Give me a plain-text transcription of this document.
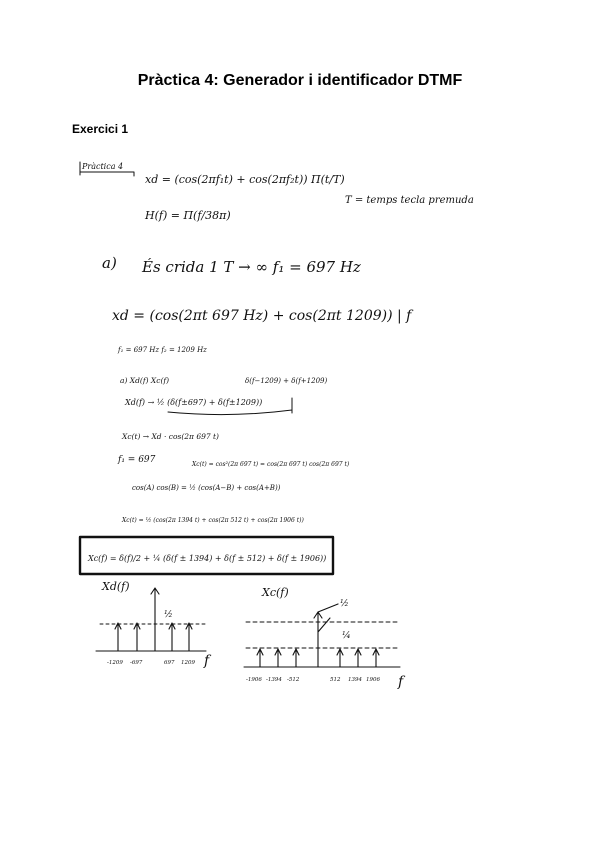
Pràctica 4: Generador i identificador DTMF
Exercici 1
Pràctica 4
xd = (cos(2πf₁t) + cos(2πf₂t)) Π(t/T)
H(f) = Π(f/38π)
T = temps tecla premuda
a) És crida 1 T → ∞ f₁ = 697 Hz
xd = (cos(2πt 697 Hz) + cos(2πt 1209)) | f
f₁ = 697 Hz f₂ = 1209 Hz
a) Xd(f) Xc(f)	δ(f−1209) + δ(f+1209)
Xd(f) → ½ (δ(f±697) + δ(f±1209))
Xc(t) → Xd · cos(2π 697 t)
f₁ = 697	Xc(t) = cos²(2π 697 t) = cos(2π 697 t) cos(2π 697 t)
cos(A) cos(B) = ½ (cos(A−B) + cos(A+B))
Xc(t) = ½ (cos(2π 1394 t) + cos(2π 512 t) + cos(2π 1906 t))
Xc(f) = δ(f)/2 + ¼ (δ(f ± 1394) + δ(f ± 512) + δ(f ± 1906))
Xd(f)
½
-1209 -697	697 1209 f
Xc(f)
½
¼
-1906 -1394 -512	512 1394 1906 f
